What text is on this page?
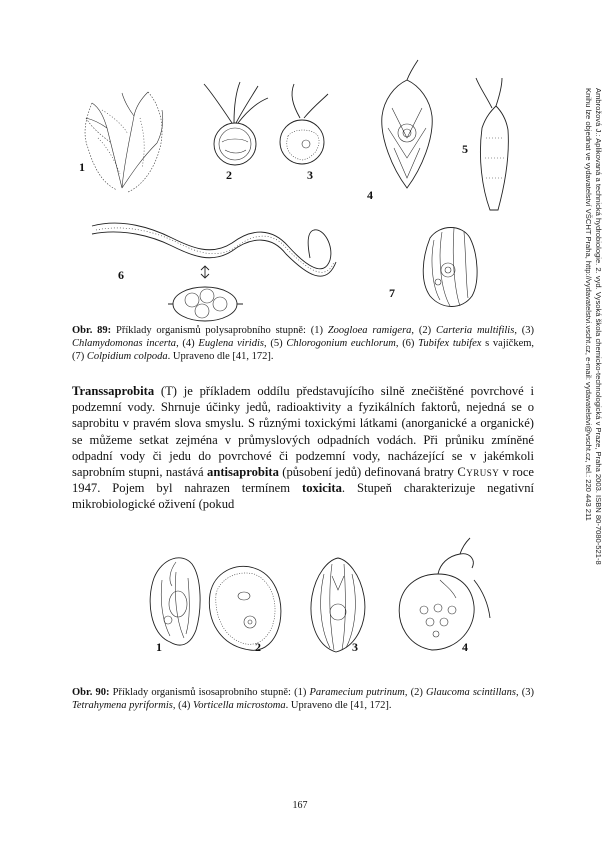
1
2	3
4
5
6
7
Obr. 89: Příklady organismů polysaprobního stupně: (1) Zoogloea ramigera, (2) Carteria multifilis, (3) Chlamydomonas incerta, (4) Euglena viridis, (5) Chlorogonium euchlorum, (6) Tubifex tubifex s vajíčkem, (7) Colpidium colpoda. Upraveno dle [41, 172].
Transsaprobita (T) je příkladem oddílu představujícího silně znečištěné povrchové i podzemní vody. Shrnuje účinky jedů, radioaktivity a fyzikálních faktorů, nejedná se o saprobitu v pravém slova smyslu. S různými toxickými látkami (anorganické a organické) se můžeme setkat zejména v průmyslových odpadních vodách. Při průniku zmíněné odpadní vody či jedu do povrchové či podzemní vody, nacházející se v jakémkoli saprobním stupni, nastává antisaprobita (působení jedů) definovaná bratry Cyrusy v roce 1947. Pojem byl nahrazen termínem toxicita. Stupeň charakterizuje negativní mikrobiologické oživení (pokud
1	2	3	4
Obr. 90: Příklady organismů isosaprobního stupně: (1) Paramecium putrinum, (2) Glaucoma scintillans, (3) Tetrahymena pyriformis, (4) Vorticella microstoma. Upraveno dle [41, 172].
Ambrožová J.: Aplikovaná a technická hydrobiologie. 2. vyd. Vysoká škola chemicko-technologická v Praze, Praha 2003. ISBN 80-7080-521-8
Knihu lze objednat ve vydavatelství VŠCHT Praha, http://vydavatelstvi.vscht.cz, e-mail: vydavatelstvi@vscht.cz, tel.: 220 443 211
167
